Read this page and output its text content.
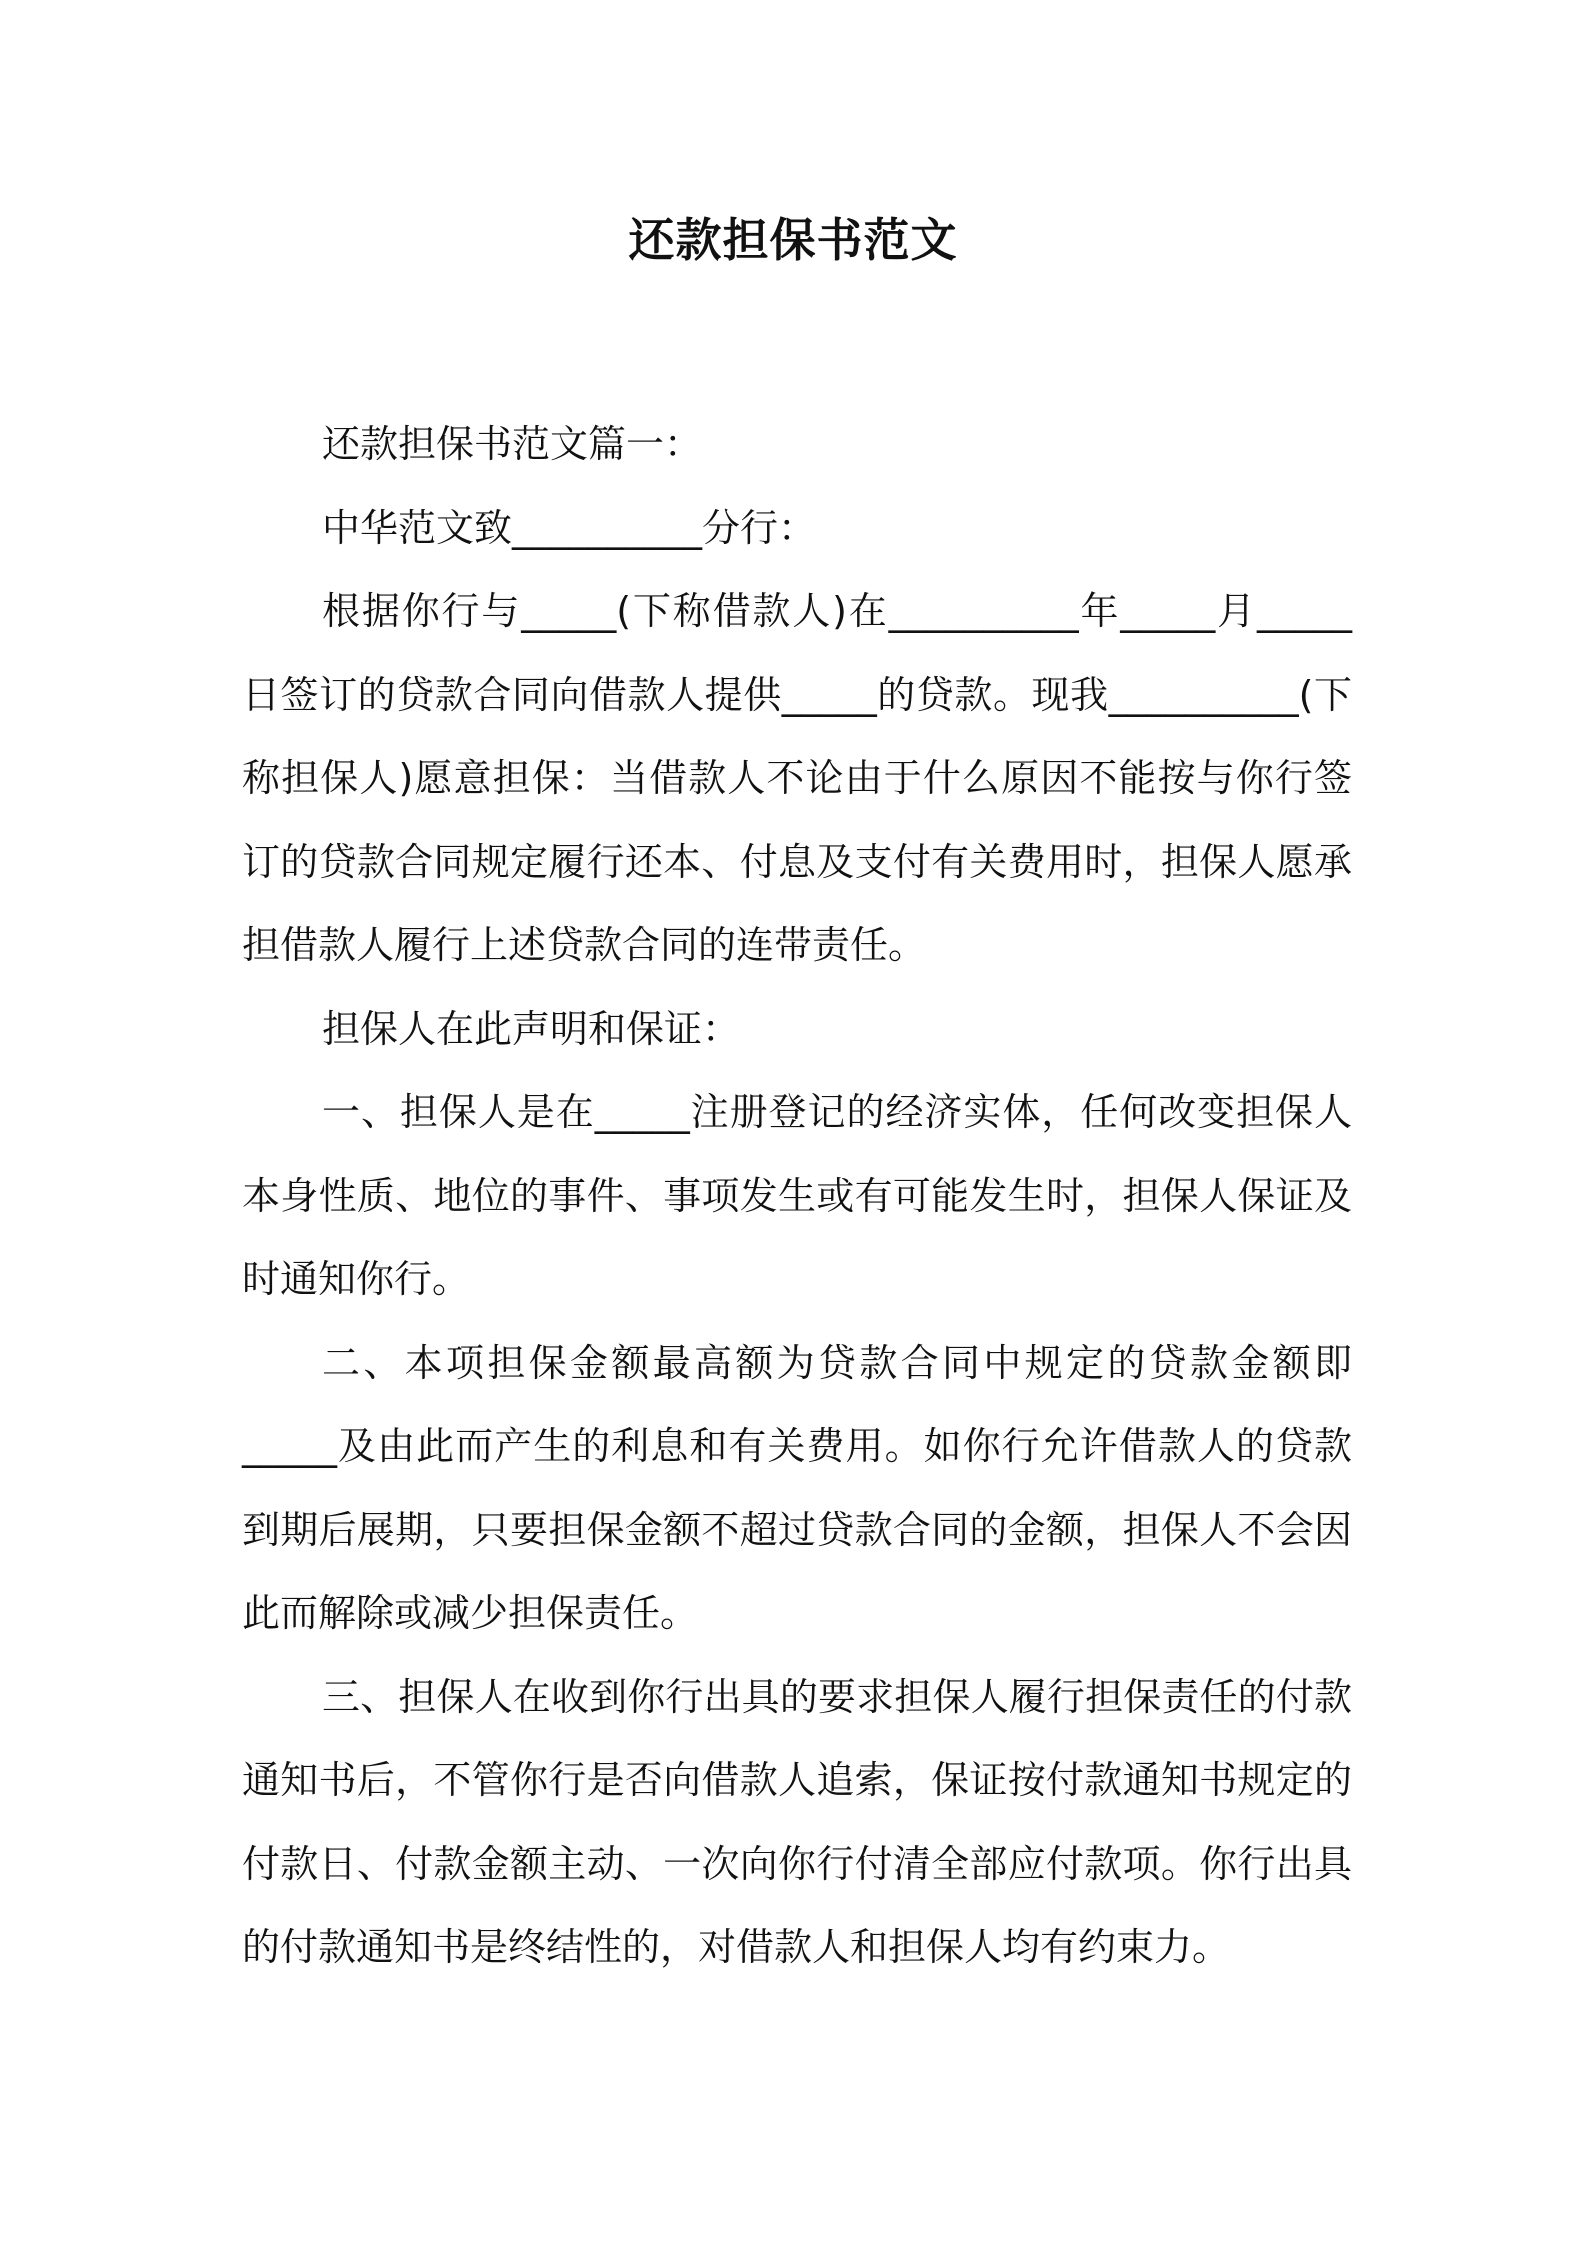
还款担保书范文

还款担保书范文篇一：

中华范文致__________分行：

根据你行与_____(下称借款人)在__________年_____月_____日签订的贷款合同向借款人提供_____的贷款。现我__________(下称担保人)愿意担保：当借款人不论由于什么原因不能按与你行签订的贷款合同规定履行还本、付息及支付有关费用时，担保人愿承担借款人履行上述贷款合同的连带责任。

担保人在此声明和保证：

一、担保人是在_____注册登记的经济实体，任何改变担保人本身性质、地位的事件、事项发生或有可能发生时，担保人保证及时通知你行。

二、本项担保金额最高额为贷款合同中规定的贷款金额即_____及由此而产生的利息和有关费用。如你行允许借款人的贷款到期后展期，只要担保金额不超过贷款合同的金额，担保人不会因此而解除或减少担保责任。

三、担保人在收到你行出具的要求担保人履行担保责任的付款通知书后，不管你行是否向借款人追索，保证按付款通知书规定的付款日、付款金额主动、一次向你行付清全部应付款项。你行出具的付款通知书是终结性的，对借款人和担保人均有约束力。
